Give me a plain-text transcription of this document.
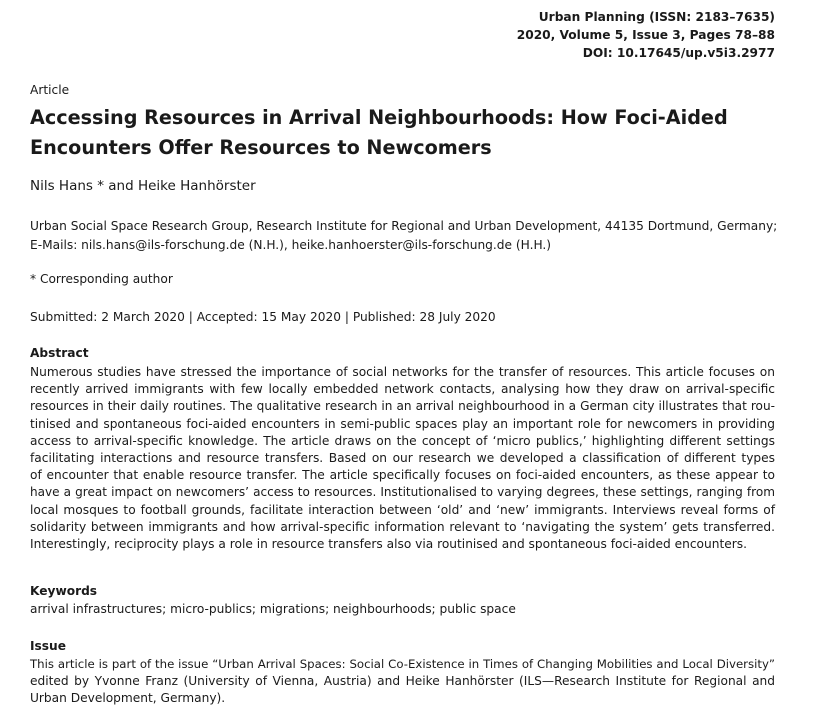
Urban Planning (ISSN: 2183–7635)
2020, Volume 5, Issue 3, Pages 78–88
DOI: 10.17645/up.v5i3.2977
Article
Accessing Resources in Arrival Neighbourhoods: How Foci-Aided
Encounters Offer Resources to Newcomers
Nils Hans * and Heike Hanhörster
Urban Social Space Research Group, Research Institute for Regional and Urban Development, 44135 Dortmund, Germany;
E-Mails: nils.hans@ils-forschung.de (N.H.), heike.hanhoerster@ils-forschung.de (H.H.)
* Corresponding author
Submitted: 2 March 2020 | Accepted: 15 May 2020 | Published: 28 July 2020
Abstract
Numerous studies have stressed the importance of social networks for the transfer of resources. This article focuses on
recently arrived immigrants with few locally embedded network contacts, analysing how they draw on arrival-specific
resources in their daily routines. The qualitative research in an arrival neighbourhood in a German city illustrates that rou-
tinised and spontaneous foci-aided encounters in semi-public spaces play an important role for newcomers in providing
access to arrival-specific knowledge. The article draws on the concept of ‘micro publics,’ highlighting different settings
facilitating interactions and resource transfers. Based on our research we developed a classification of different types
of encounter that enable resource transfer. The article specifically focuses on foci-aided encounters, as these appear to
have a great impact on newcomers’ access to resources. Institutionalised to varying degrees, these settings, ranging from
local mosques to football grounds, facilitate interaction between ‘old’ and ‘new’ immigrants. Interviews reveal forms of
solidarity between immigrants and how arrival-specific information relevant to ‘navigating the system’ gets transferred.
Interestingly, reciprocity plays a role in resource transfers also via routinised and spontaneous foci-aided encounters.
Keywords
arrival infrastructures; micro-publics; migrations; neighbourhoods; public space
Issue
This article is part of the issue “Urban Arrival Spaces: Social Co-Existence in Times of Changing Mobilities and Local Diversity”
edited by Yvonne Franz (University of Vienna, Austria) and Heike Hanhörster (ILS—Research Institute for Regional and
Urban Development, Germany).
